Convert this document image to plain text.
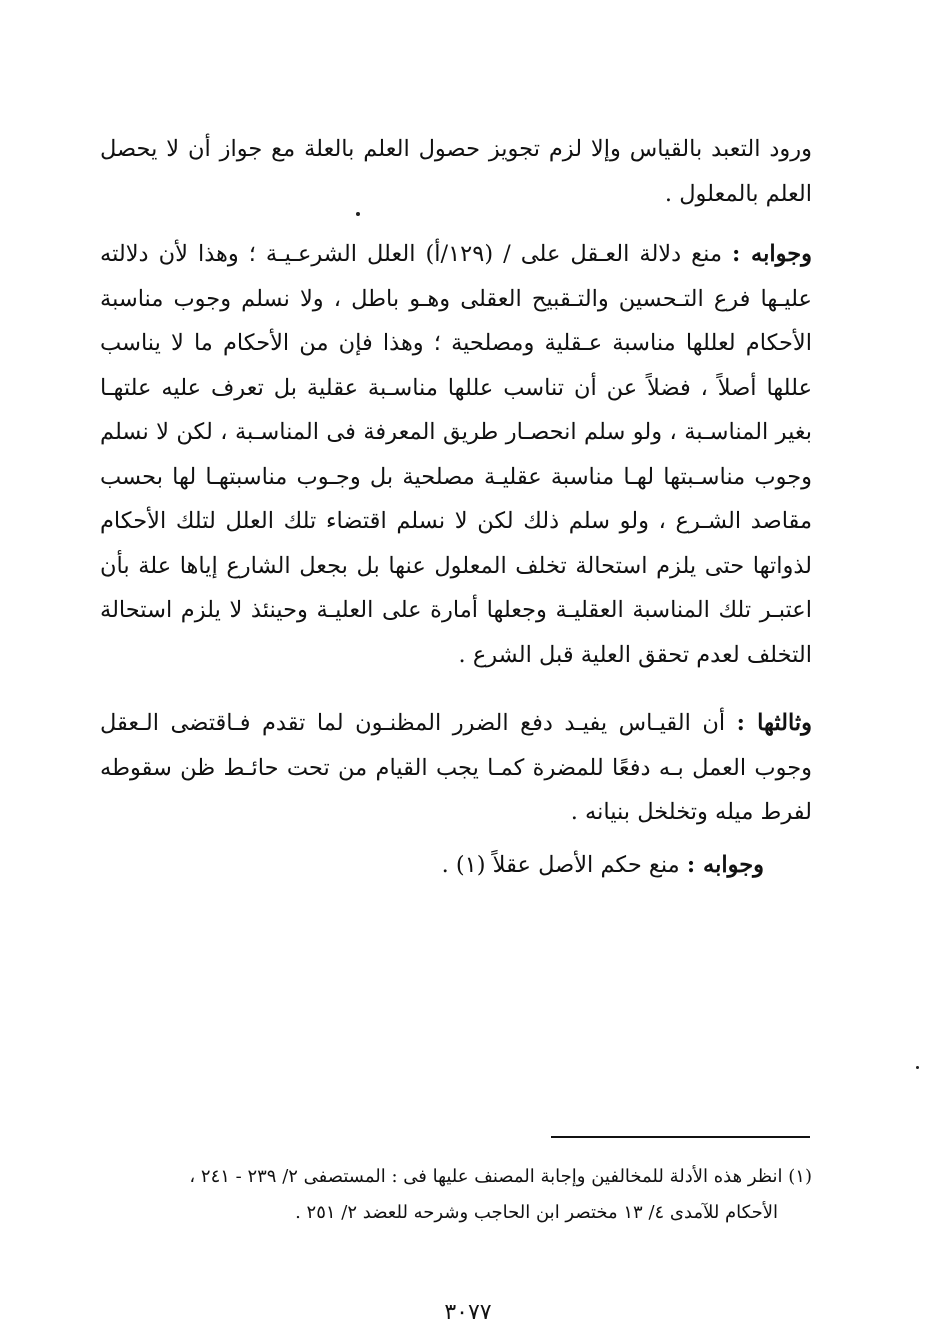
ورود التعبد بالقياس وإلا لزم تجويز حصول العلم بالعلة مع جواز أن لا يحصل العلم بالمعلول .

وجوابه : منع دلالة العـقل على / (١٢٩/أ) العلل الشرعـيـة ؛ وهذا لأن دلالته عليـها فرع التـحسين والتـقبيح العقلى وهـو باطل ، ولا نسلم وجوب مناسبة الأحكام لعللها مناسبة عـقلية ومصلحية ؛ وهذا فإن من الأحكام ما لا يناسب عللها أصلاً ، فضلاً عن أن تناسب عللها مناسـبة عقلية بل تعرف عليه علتهـا بغير المناسـبة ، ولو سلم انحصـار طريق المعرفة فى المناسـبة ، لكن لا نسلم وجوب مناسـبتها لهـا مناسبة عقليـة مصلحية بل وجـوب مناسبتهـا لها بحسب مقاصد الشـرع ، ولو سلم ذلك لكن لا نسلم اقتضاء تلك العلل لتلك الأحكام لذواتها حتى يلزم استحالة تخلف المعلول عنها بل بجعل الشارع إياها علة بأن اعتبـر تلك المناسبة العقليـة وجعلها أمارة على العليـة وحينئذ لا يلزم استحالة التخلف لعدم تحقق العلية قبل الشرع .

وثالثها : أن القيـاس يفيـد دفع الضرر المظنـون لما تقدم فـاقتضى الـعقل وجوب العمل بـه دفعًا للمضرة كمـا يجب القيام من تحت حائـط ظن سقوطه لفرط ميله وتخلخل بنيانه .

وجوابه : منع حكم الأصل عقلاً (١) .

(١) انظر هذه الأدلة للمخالفين وإجابة المصنف عليها فى : المستصفى ٢/ ٢٣٩ - ٢٤١ ،
الأحكام للآمدى ٤/ ١٣ مختصر ابن الحاجب وشرحه للعضد ٢/ ٢٥١ .
٣٠٧٧
